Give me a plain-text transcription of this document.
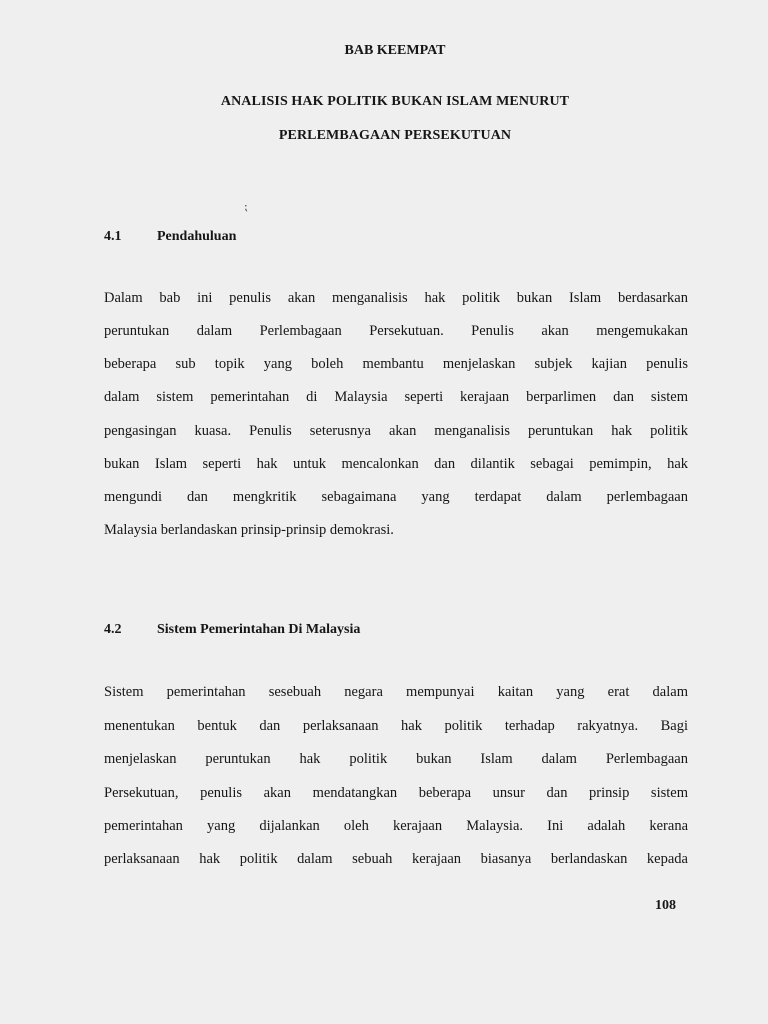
BAB KEEMPAT
ANALISIS HAK POLITIK BUKAN ISLAM MENURUT
PERLEMBAGAAN PERSEKUTUAN
⁏
4.1	Pendahuluan
Dalam bab ini penulis akan menganalisis hak politik bukan Islam berdasarkan
peruntukan dalam Perlembagaan Persekutuan. Penulis akan mengemukakan
beberapa sub topik yang boleh membantu menjelaskan subjek kajian penulis
dalam sistem pemerintahan di Malaysia seperti kerajaan berparlimen dan sistem
pengasingan kuasa. Penulis seterusnya akan menganalisis peruntukan hak politik
bukan Islam seperti hak untuk mencalonkan dan dilantik sebagai pemimpin, hak
mengundi dan mengkritik sebagaimana yang terdapat dalam perlembagaan
Malaysia berlandaskan prinsip-prinsip demokrasi.
4.2	Sistem Pemerintahan Di Malaysia
Sistem pemerintahan sesebuah negara mempunyai kaitan yang erat dalam
menentukan bentuk dan perlaksanaan hak politik terhadap rakyatnya. Bagi
menjelaskan peruntukan hak politik bukan Islam dalam Perlembagaan
Persekutuan, penulis akan mendatangkan beberapa unsur dan prinsip sistem
pemerintahan yang dijalankan oleh kerajaan Malaysia. Ini adalah kerana
perlaksanaan hak politik dalam sebuah kerajaan biasanya berlandaskan kepada
108
